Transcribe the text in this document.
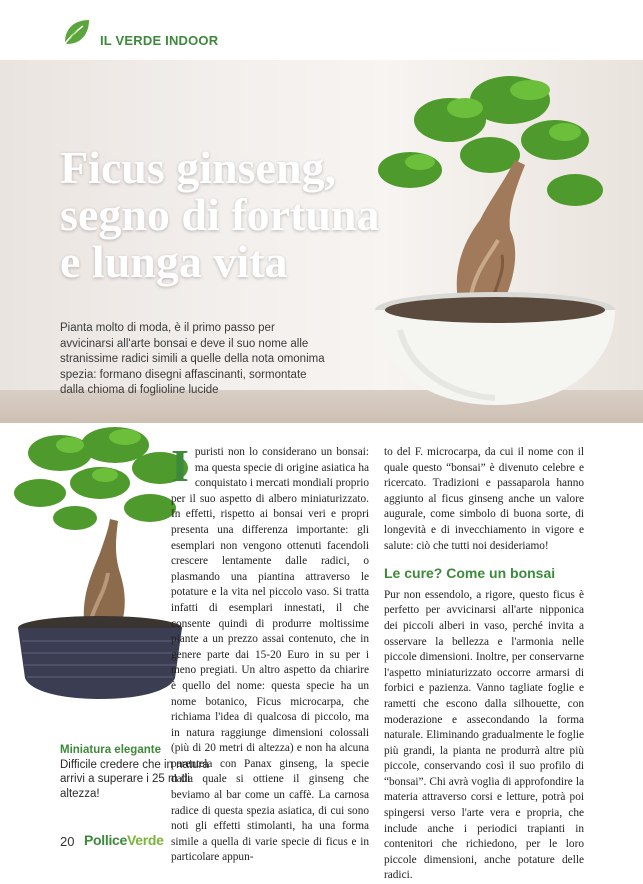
IL VERDE INDOOR
Ficus ginseng,
segno di fortuna
e lunga vita
Pianta molto di moda, è il primo passo per avvicinarsi all'arte bonsai e deve il suo nome alle stranissime radici simili a quelle della nota omonima spezia: formano disegni affascinanti, sormontate dalla chioma di foglioline lucide
Miniatura elegante
Difficile credere che in natura arrivi a superare i 25 m di altezza!
I puristi non lo considerano un bonsai: ma questa specie di origine asiatica ha conquistato i mercati mondiali proprio per il suo aspetto di albero miniaturizzato. In effetti, rispetto ai bonsai veri e propri presenta una differenza importante: gli esemplari non vengono ottenuti facendoli crescere lentamente dalle radici, o plasmando una piantina attraverso le potature e la vita nel piccolo vaso. Si tratta infatti di esemplari innestati, il che consente quindi di produrre moltissime piante a un prezzo assai contenuto, che in genere parte dai 15-20 Euro in su per i meno pregiati. Un altro aspetto da chiarire è quello del nome: questa specie ha un nome botanico, Ficus microcarpa, che richiama l'idea di qualcosa di piccolo, ma in natura raggiunge dimensioni colossali (più di 20 metri di altezza) e non ha alcuna parentela con Panax ginseng, la specie dalla quale si ottiene il ginseng che beviamo al bar come un caffè. La carnosa radice di questa spezia asiatica, di cui sono noti gli effetti stimolanti, ha una forma simile a quella di varie specie di ficus e in particolare appun-

to del F. microcarpa, da cui il nome con il quale questo “bonsai” è divenuto celebre e ricercato. Tradizioni e passaparola hanno aggiunto al ficus ginseng anche un valore augurale, come simbolo di buona sorte, di longevità e di invecchiamento in vigore e salute: ciò che tutti noi desideriamo!

Le cure? Come un bonsai

Pur non essendolo, a rigore, questo ficus è perfetto per avvicinarsi all'arte nipponica dei piccoli alberi in vaso, perché invita a osservare la bellezza e l'armonia nelle piccole dimensioni. Inoltre, per conservarne l'aspetto miniaturizzato occorre armarsi di forbici e pazienza. Vanno tagliate foglie e rametti che escono dalla silhouette, con moderazione e assecondando la forma naturale. Eliminando gradualmente le foglie più grandi, la pianta ne produrrà altre più piccole, conservando così il suo profilo di “bonsai”. Chi avrà voglia di approfondire la materia attraverso corsi e letture, potrà poi spingersi verso l'arte vera e propria, che include anche i periodici trapianti in contenitori che richiedono, per le loro piccole dimensioni, anche potature delle radici.

20 PolliceVerde
